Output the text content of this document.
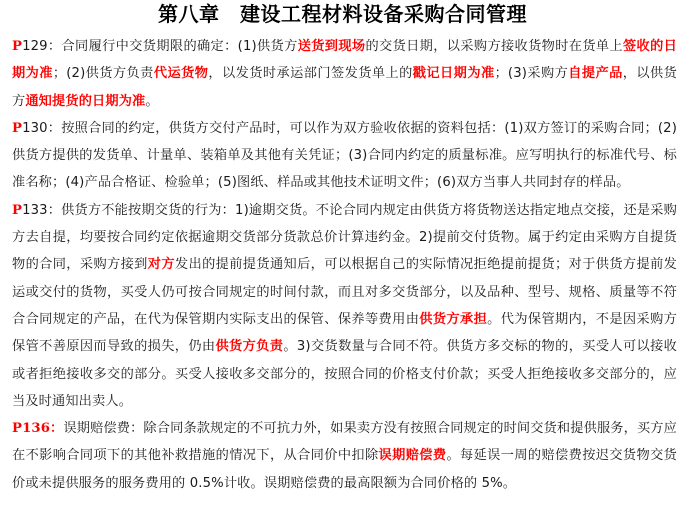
第八章　建设工程材料设备采购合同管理

P129：合同履行中交货期限的确定：(1)供货方送货到现场的交货日期，以采购方接收货物时在货单上签收的日期为准；(2)供货方负责代运货物，以发货时承运部门签发货单上的戳记日期为准；(3)采购方自提产品，以供货方通知提货的日期为准。

P130：按照合同的约定，供货方交付产品时，可以作为双方验收依据的资料包括：(1)双方签订的采购合同；(2)供货方提供的发货单、计量单、装箱单及其他有关凭证；(3)合同内约定的质量标准。应写明执行的标准代号、标准名称；(4)产品合格证、检验单；(5)图纸、样品或其他技术证明文件；(6)双方当事人共同封存的样品。

P133：供货方不能按期交货的行为：1)逾期交货。不论合同内规定由供货方将货物送达指定地点交接，还是采购方去自提，均要按合同约定依据逾期交货部分货款总价计算违约金。2)提前交付货物。属于约定由采购方自提货物的合同，采购方接到对方发出的提前提货通知后，可以根据自己的实际情况拒绝提前提货；对于供货方提前发运或交付的货物，买受人仍可按合同规定的时间付款，而且对多交货部分，以及品种、型号、规格、质量等不符合合同规定的产品，在代为保管期内实际支出的保管、保养等费用由供货方承担。代为保管期内，不是因采购方保管不善原因而导致的损失，仍由供货方负责。3)交货数量与合同不符。供货方多交标的物的，买受人可以接收或者拒绝接收多交的部分。买受人接收多交部分的，按照合同的价格支付价款；买受人拒绝接收多交部分的，应当及时通知出卖人。

P136：误期赔偿费：除合同条款规定的不可抗力外，如果卖方没有按照合同规定的时间交货和提供服务，买方应在不影响合同项下的其他补救措施的情况下，从合同价中扣除误期赔偿费。每延误一周的赔偿费按迟交货物交货价或未提供服务的服务费用的 0.5%计收。误期赔偿费的最高限额为合同价格的 5%。
